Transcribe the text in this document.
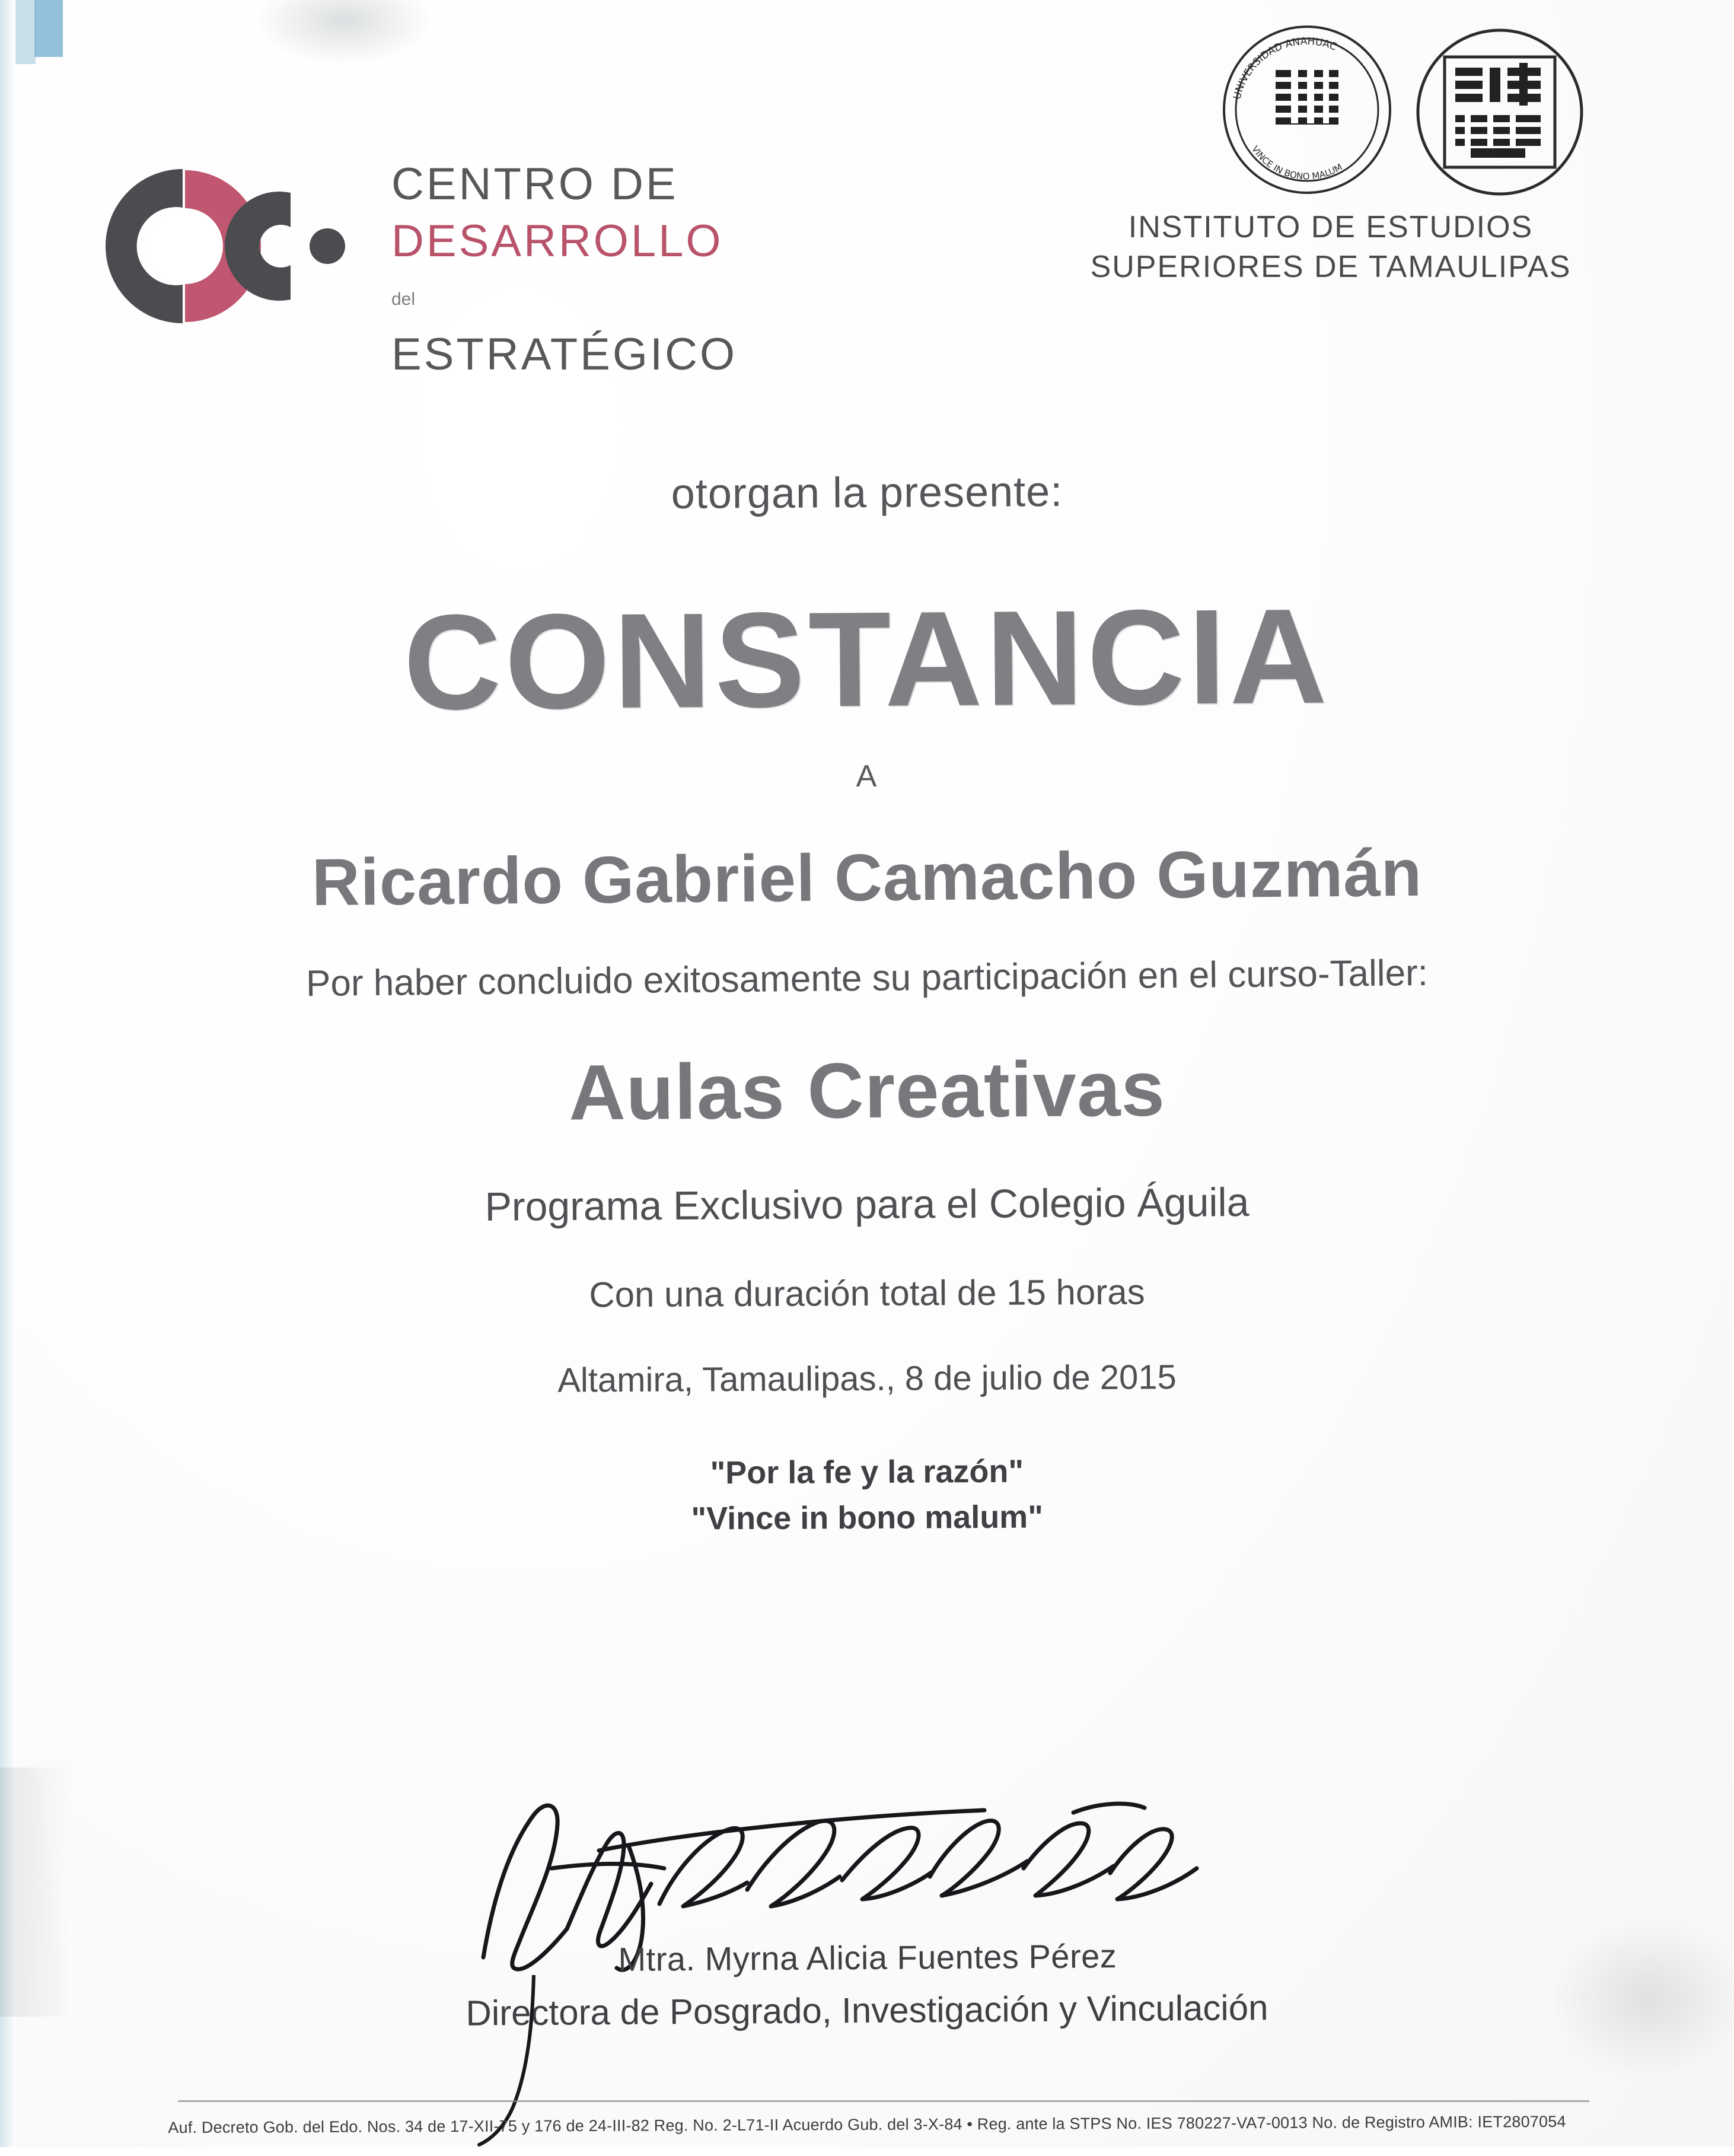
CENTRO DE
DESARROLLO
del ESTRATÉGICO
UNIVERSIDAD ANAHUAC
VINCE IN BONO MALUM
INSTITUTO DE ESTUDIOS
SUPERIORES DE TAMAULIPAS
otorgan la presente:
CONSTANCIA
A
Ricardo Gabriel Camacho Guzmán
Por haber concluido exitosamente su participación en el curso-Taller:
Aulas Creativas
Programa Exclusivo para el Colegio Águila
Con una duración total de 15 horas
Altamira, Tamaulipas., 8 de julio de 2015
"Por la fe y la razón"
"Vince in bono malum"
Mtra. Myrna Alicia Fuentes Pérez
Directora de Posgrado, Investigación y Vinculación
Auf. Decreto Gob. del Edo. Nos. 34 de 17-XII-75 y 176 de 24-III-82 Reg. No. 2-L71-II Acuerdo Gub. del 3-X-84 • Reg. ante la STPS No. IES 780227-VA7-0013 No. de Registro AMIB: IET2807054
